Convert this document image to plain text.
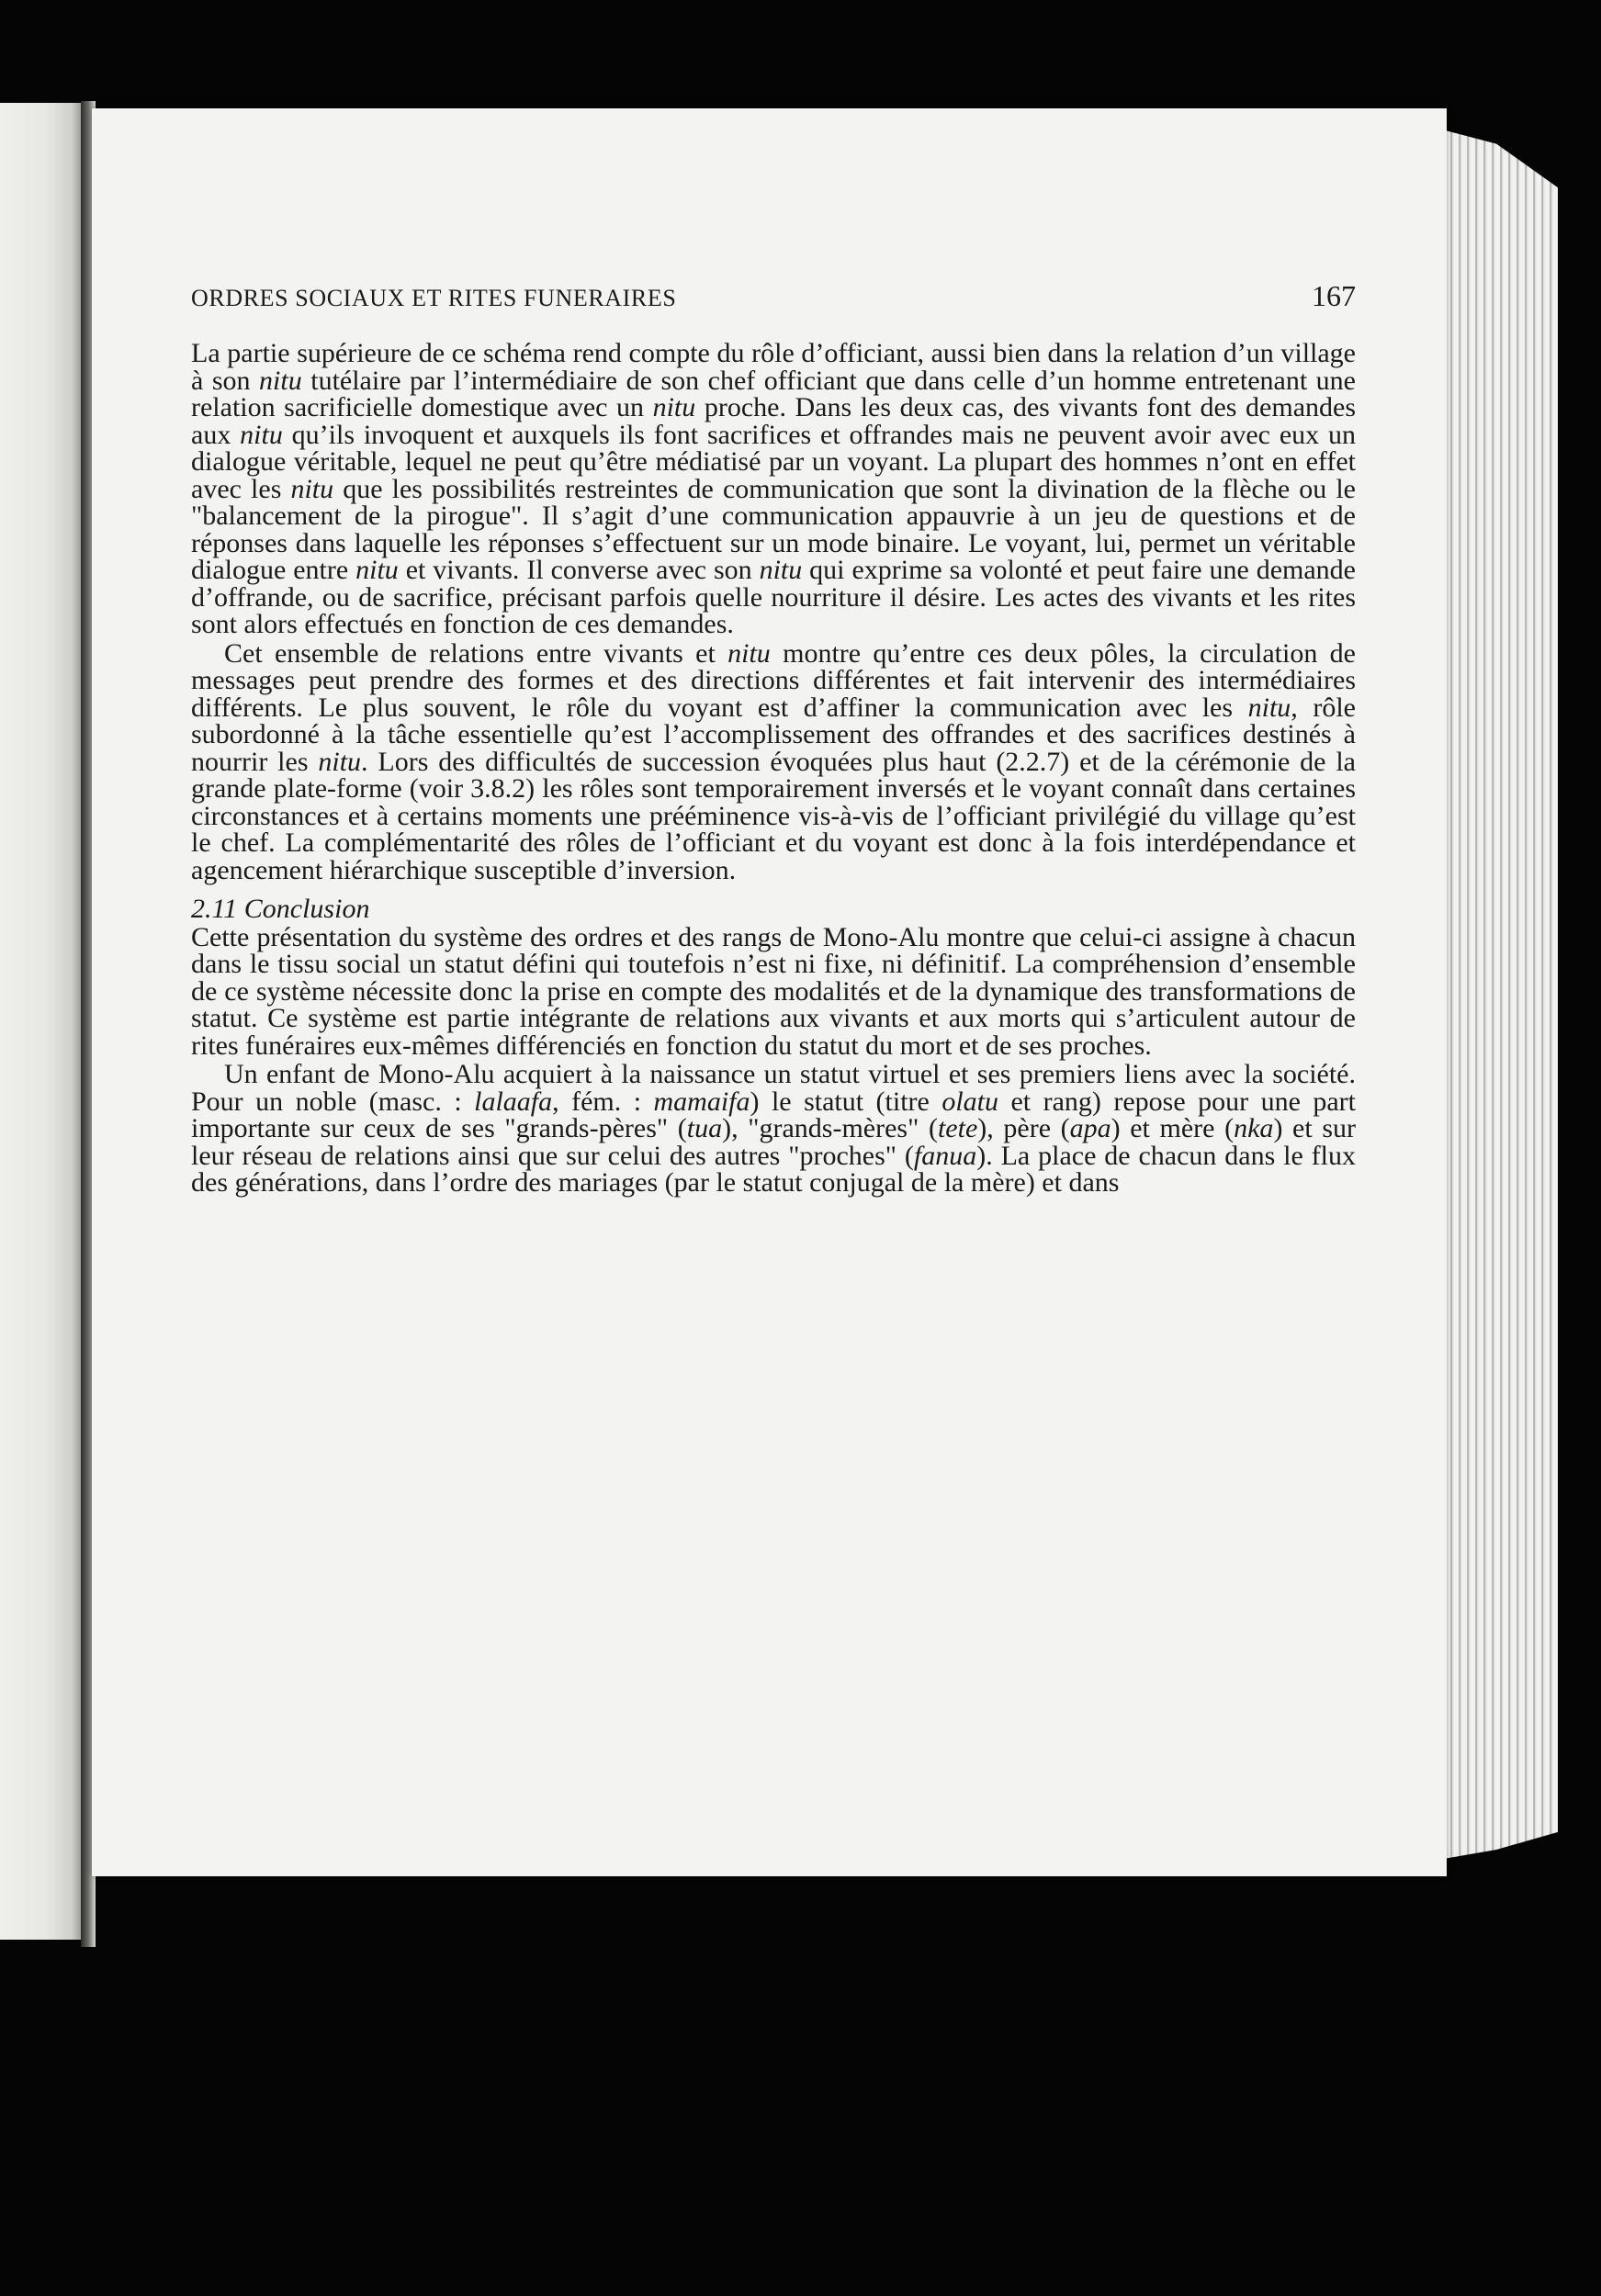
ORDRES SOCIAUX ET RITES FUNERAIRES	167

La partie supérieure de ce schéma rend compte du rôle d’officiant, aussi bien dans la relation d’un village à son nitu tutélaire par l’intermédiaire de son chef officiant que dans celle d’un homme entretenant une relation sacrificielle domestique avec un nitu proche. Dans les deux cas, des vivants font des demandes aux nitu qu’ils invoquent et auxquels ils font sacrifices et offrandes mais ne peuvent avoir avec eux un dialogue véritable, lequel ne peut qu’être médiatisé par un voyant. La plupart des hommes n’ont en effet avec les nitu que les possibilités restreintes de communication que sont la divination de la flèche ou le "balancement de la pirogue". Il s’agit d’une communication appauvrie à un jeu de questions et de réponses dans laquelle les réponses s’effectuent sur un mode binaire. Le voyant, lui, permet un véritable dialogue entre nitu et vivants. Il converse avec son nitu qui exprime sa volonté et peut faire une demande d’offrande, ou de sacrifice, précisant parfois quelle nourriture il désire. Les actes des vivants et les rites sont alors effectués en fonction de ces demandes.

Cet ensemble de relations entre vivants et nitu montre qu’entre ces deux pôles, la circulation de messages peut prendre des formes et des directions différentes et fait intervenir des intermédiaires différents. Le plus souvent, le rôle du voyant est d’affiner la communication avec les nitu, rôle subordonné à la tâche essentielle qu’est l’accomplissement des offrandes et des sacrifices destinés à nourrir les nitu. Lors des difficultés de succession évoquées plus haut (2.2.7) et de la cérémonie de la grande plate-forme (voir 3.8.2) les rôles sont temporairement inversés et le voyant connaît dans certaines circonstances et à certains moments une prééminence vis-à-vis de l’officiant privilégié du village qu’est le chef. La complémentarité des rôles de l’officiant et du voyant est donc à la fois interdépendance et agencement hiérarchique susceptible d’inversion.

2.11 Conclusion

Cette présentation du système des ordres et des rangs de Mono-Alu montre que celui-ci assigne à chacun dans le tissu social un statut défini qui toutefois n’est ni fixe, ni définitif. La compréhension d’ensemble de ce système nécessite donc la prise en compte des modalités et de la dynamique des transformations de statut. Ce système est partie intégrante de relations aux vivants et aux morts qui s’articulent autour de rites funéraires eux-mêmes différenciés en fonction du statut du mort et de ses proches.

Un enfant de Mono-Alu acquiert à la naissance un statut virtuel et ses premiers liens avec la société. Pour un noble (masc. : lalaafa, fém. : mamaifa) le statut (titre olatu et rang) repose pour une part importante sur ceux de ses "grands-pères" (tua), "grands-mères" (tete), père (apa) et mère (nka) et sur leur réseau de relations ainsi que sur celui des autres "proches" (fanua). La place de chacun dans le flux des générations, dans l’ordre des mariages (par le statut conjugal de la mère) et dans
